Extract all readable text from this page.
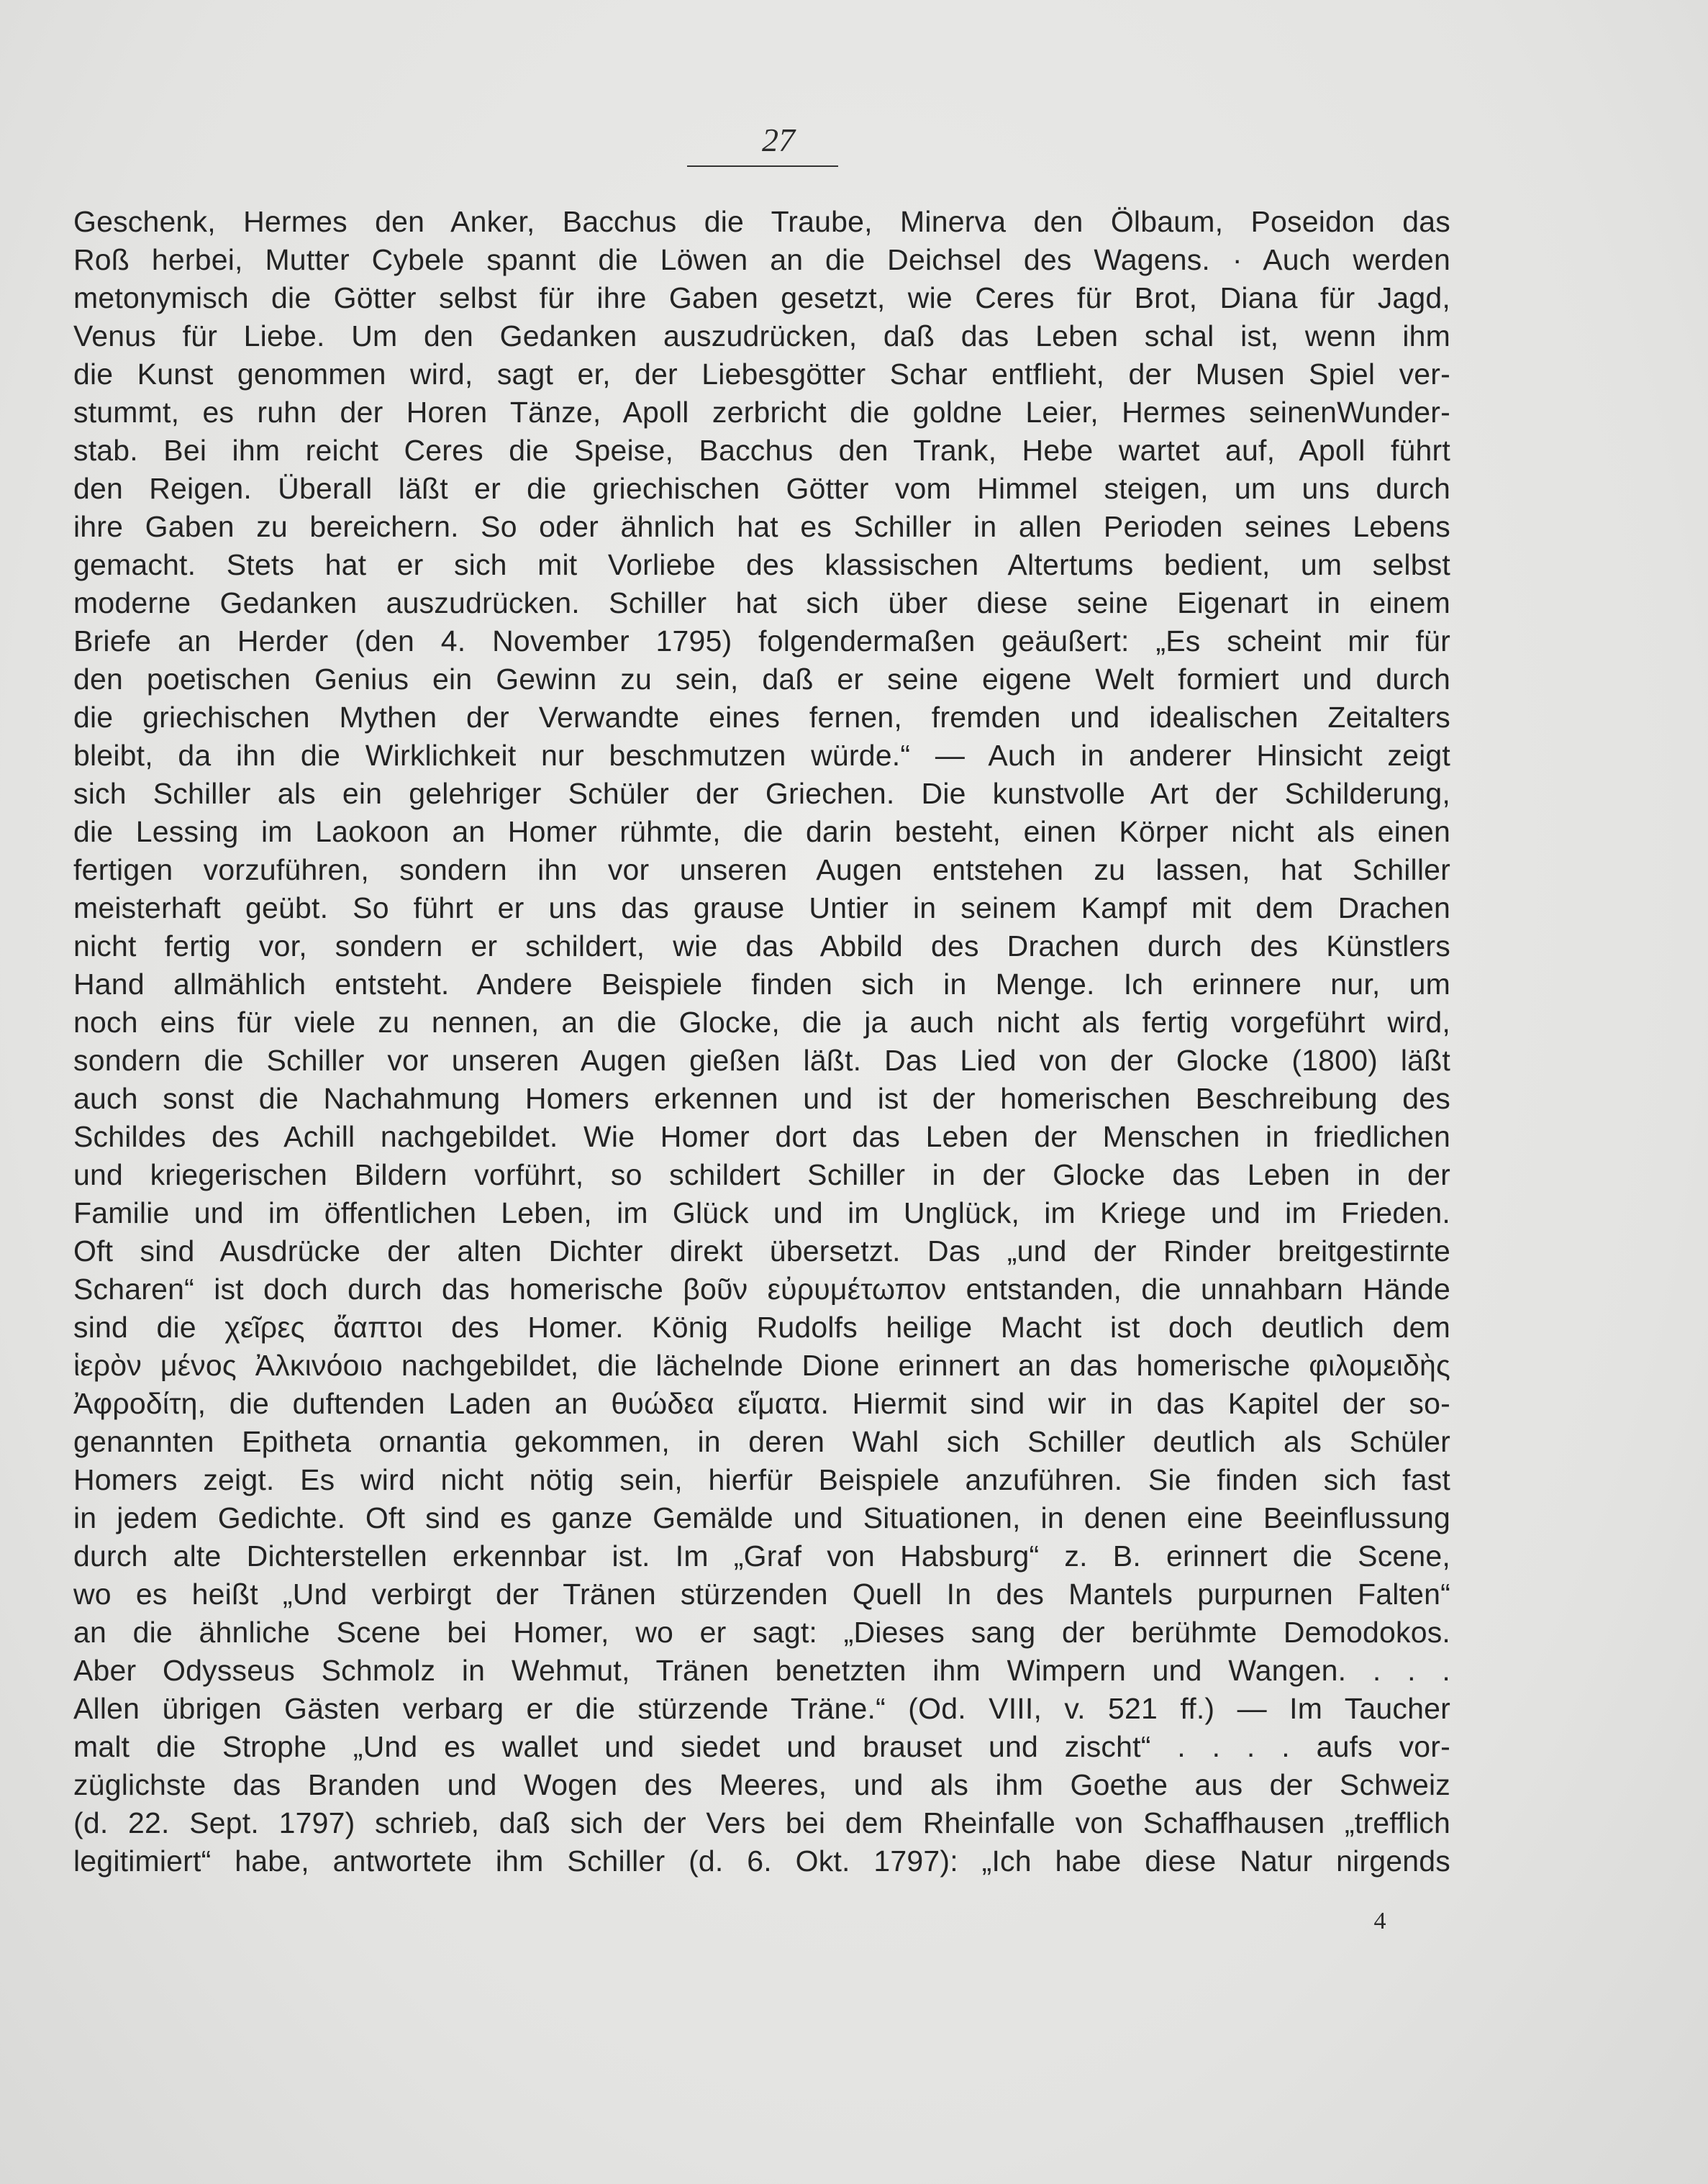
27
Geschenk, Hermes den Anker, Bacchus die Traube, Minerva den Ölbaum, Poseidon das
Roß herbei, Mutter Cybele spannt die Löwen an die Deichsel des Wagens. · Auch werden
metonymisch die Götter selbst für ihre Gaben gesetzt, wie Ceres für Brot, Diana für Jagd,
Venus für Liebe. Um den Gedanken auszudrücken, daß das Leben schal ist, wenn ihm
die Kunst genommen wird, sagt er, der Liebesgötter Schar entflieht, der Musen Spiel ver-
stummt, es ruhn der Horen Tänze, Apoll zerbricht die goldne Leier, Hermes seinenWunder-
stab. Bei ihm reicht Ceres die Speise, Bacchus den Trank, Hebe wartet auf, Apoll führt
den Reigen. Überall läßt er die griechischen Götter vom Himmel steigen, um uns durch
ihre Gaben zu bereichern. So oder ähnlich hat es Schiller in allen Perioden seines Lebens
gemacht. Stets hat er sich mit Vorliebe des klassischen Altertums bedient, um selbst
moderne Gedanken auszudrücken. Schiller hat sich über diese seine Eigenart in einem
Briefe an Herder (den 4. November 1795) folgendermaßen geäußert: „Es scheint mir für
den poetischen Genius ein Gewinn zu sein, daß er seine eigene Welt formiert und durch
die griechischen Mythen der Verwandte eines fernen, fremden und idealischen Zeitalters
bleibt, da ihn die Wirklichkeit nur beschmutzen würde.“ — Auch in anderer Hinsicht zeigt
sich Schiller als ein gelehriger Schüler der Griechen. Die kunstvolle Art der Schilderung,
die Lessing im Laokoon an Homer rühmte, die darin besteht, einen Körper nicht als einen
fertigen vorzuführen, sondern ihn vor unseren Augen entstehen zu lassen, hat Schiller
meisterhaft geübt. So führt er uns das grause Untier in seinem Kampf mit dem Drachen
nicht fertig vor, sondern er schildert, wie das Abbild des Drachen durch des Künstlers
Hand allmählich entsteht. Andere Beispiele finden sich in Menge. Ich erinnere nur, um
noch eins für viele zu nennen, an die Glocke, die ja auch nicht als fertig vorgeführt wird,
sondern die Schiller vor unseren Augen gießen läßt. Das Lied von der Glocke (1800) läßt
auch sonst die Nachahmung Homers erkennen und ist der homerischen Beschreibung des
Schildes des Achill nachgebildet. Wie Homer dort das Leben der Menschen in friedlichen
und kriegerischen Bildern vorführt, so schildert Schiller in der Glocke das Leben in der
Familie und im öffentlichen Leben, im Glück und im Unglück, im Kriege und im Frieden.
Oft sind Ausdrücke der alten Dichter direkt übersetzt. Das „und der Rinder breitgestirnte
Scharen“ ist doch durch das homerische βοῦν εὐρυμέτωπον entstanden, die unnahbarn Hände
sind die χεῖρες ἄαπτοι des Homer. König Rudolfs heilige Macht ist doch deutlich dem
ἱερὸν μένος Ἀλκινόοιο nachgebildet, die lächelnde Dione erinnert an das homerische φιλομειδὴς
Ἀφροδίτη, die duftenden Laden an θυώδεα εἵματα. Hiermit sind wir in das Kapitel der so-
genannten Epitheta ornantia gekommen, in deren Wahl sich Schiller deutlich als Schüler
Homers zeigt. Es wird nicht nötig sein, hierfür Beispiele anzuführen. Sie finden sich fast
in jedem Gedichte. Oft sind es ganze Gemälde und Situationen, in denen eine Beeinflussung
durch alte Dichterstellen erkennbar ist. Im „Graf von Habsburg“ z. B. erinnert die Scene,
wo es heißt „Und verbirgt der Tränen stürzenden Quell In des Mantels purpurnen Falten“
an die ähnliche Scene bei Homer, wo er sagt: „Dieses sang der berühmte Demodokos.
Aber Odysseus Schmolz in Wehmut, Tränen benetzten ihm Wimpern und Wangen. . . .
Allen übrigen Gästen verbarg er die stürzende Träne.“ (Od. VIII, v. 521 ff.) — Im Taucher
malt die Strophe „Und es wallet und siedet und brauset und zischt“ . . . . aufs vor-
züglichste das Branden und Wogen des Meeres, und als ihm Goethe aus der Schweiz
(d. 22. Sept. 1797) schrieb, daß sich der Vers bei dem Rheinfalle von Schaffhausen „trefflich
legitimiert“ habe, antwortete ihm Schiller (d. 6. Okt. 1797): „Ich habe diese Natur nirgends
4
